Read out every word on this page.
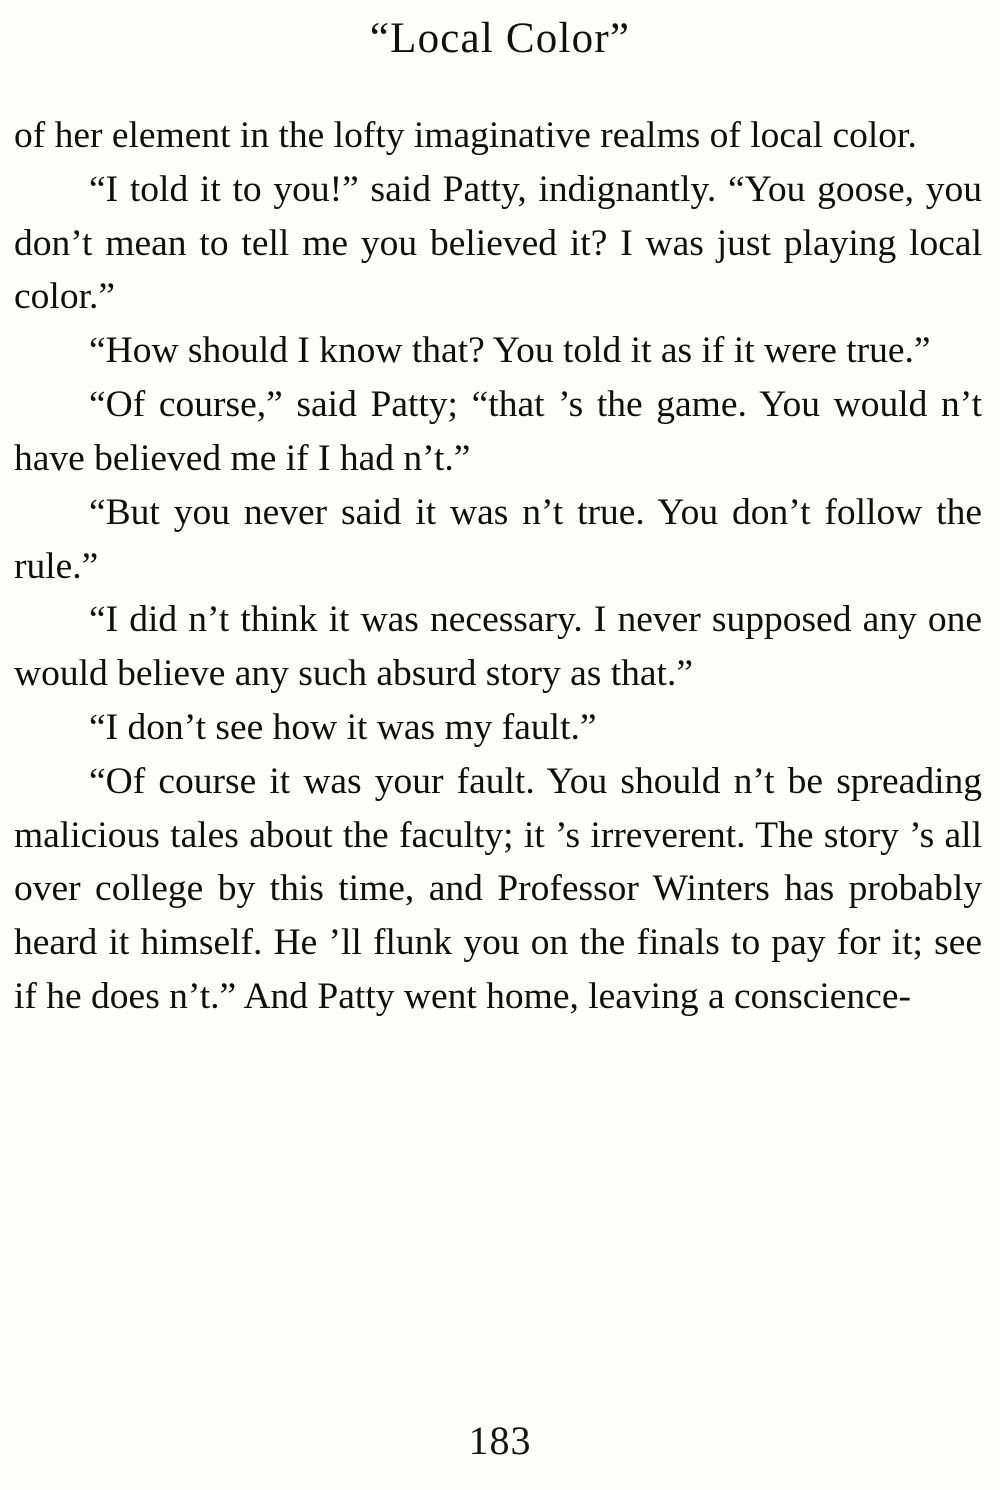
“Local Color”

of her element in the lofty imaginative realms of local color.

“I told it to you!” said Patty, indignantly. “You goose, you don’t mean to tell me you believed it? I was just playing local color.”

“How should I know that? You told it as if it were true.”

“Of course,” said Patty; “that ’s the game. You would n’t have believed me if I had n’t.”

“But you never said it was n’t true. You don’t follow the rule.”

“I did n’t think it was necessary. I never supposed any one would believe any such absurd story as that.”

“I don’t see how it was my fault.”

“Of course it was your fault. You should n’t be spreading malicious tales about the faculty; it ’s irreverent. The story ’s all over college by this time, and Professor Winters has probably heard it himself. He ’ll flunk you on the finals to pay for it; see if he does n’t.” And Patty went home, leaving a conscience-

183
